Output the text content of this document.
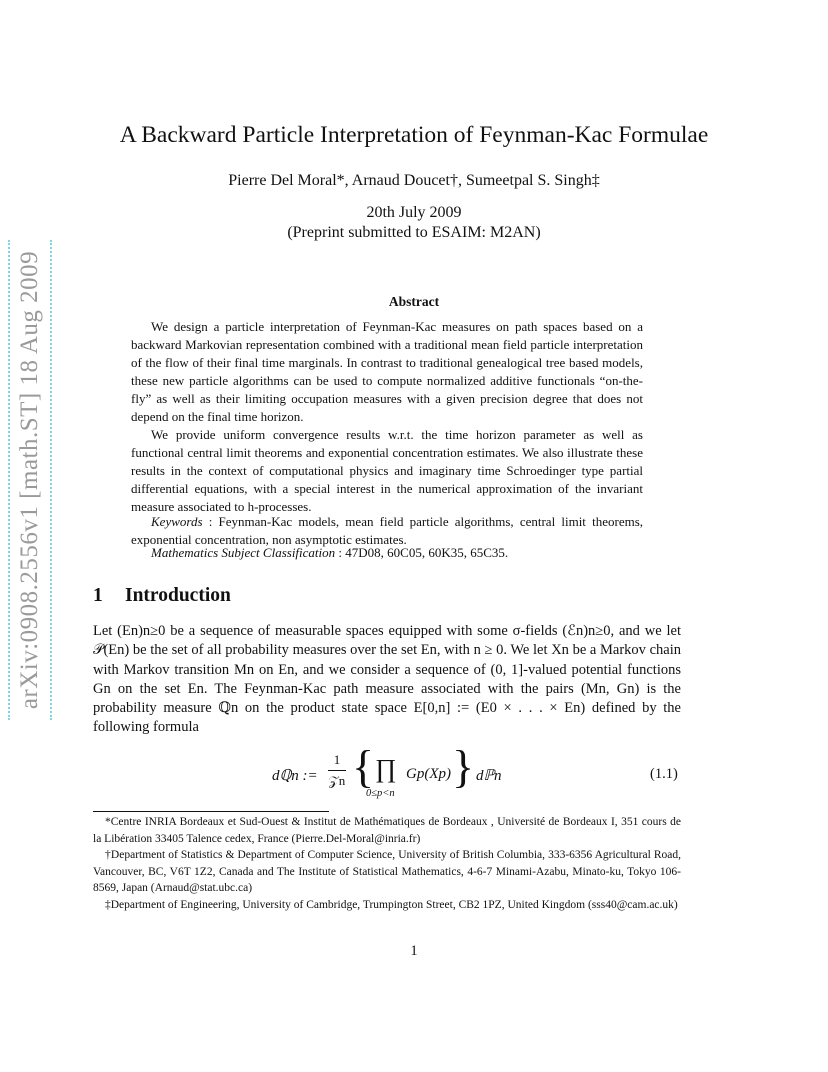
arXiv:0908.2556v1 [math.ST] 18 Aug 2009
A Backward Particle Interpretation of Feynman-Kac Formulae
Pierre Del Moral*, Arnaud Doucet†, Sumeetpal S. Singh‡
20th July 2009
(Preprint submitted to ESAIM: M2AN)
Abstract

We design a particle interpretation of Feynman-Kac measures on path spaces based on a backward Markovian representation combined with a traditional mean field particle interpretation of the flow of their final time marginals. In contrast to traditional genealogical tree based models, these new particle algorithms can be used to compute normalized additive functionals “on-the-fly” as well as their limiting occupation measures with a given precision degree that does not depend on the final time horizon.

We provide uniform convergence results w.r.t. the time horizon parameter as well as functional central limit theorems and exponential concentration estimates. We also illustrate these results in the context of computational physics and imaginary time Schroedinger type partial differential equations, with a special interest in the numerical approximation of the invariant measure associated to h-processes.

Keywords : Feynman-Kac models, mean field particle algorithms, central limit theorems, exponential concentration, non asymptotic estimates.

Mathematics Subject Classification : 47D08, 60C05, 60K35, 65C35.
1 Introduction

Let (En)n≥0 be a sequence of measurable spaces equipped with some σ-fields (ℰn)n≥0, and we let 𝒫(En) be the set of all probability measures over the set En, with n ≥ 0. We let Xn be a Markov chain with Markov transition Mn on En, and we consider a sequence of (0, 1]-valued potential functions Gn on the set En. The Feynman-Kac path measure associated with the pairs (Mn, Gn) is the probability measure ℚn on the product state space E[0,n] := (E0 × . . . × En) defined by the following formula

dℚn :=
1
𝒵n { ∏
0≤p<n
Gp(Xp) } dℙn	(1.1)

*Centre INRIA Bordeaux et Sud-Ouest & Institut de Mathématiques de Bordeaux , Université de Bordeaux I, 351 cours de la Libération 33405 Talence cedex, France (Pierre.Del-Moral@inria.fr)

†Department of Statistics & Department of Computer Science, University of British Columbia, 333-6356 Agricultural Road, Vancouver, BC, V6T 1Z2, Canada and The Institute of Statistical Mathematics, 4-6-7 Minami-Azabu, Minato-ku, Tokyo 106-8569, Japan (Arnaud@stat.ubc.ca)

‡Department of Engineering, University of Cambridge, Trumpington Street, CB2 1PZ, United Kingdom (sss40@cam.ac.uk)

1
